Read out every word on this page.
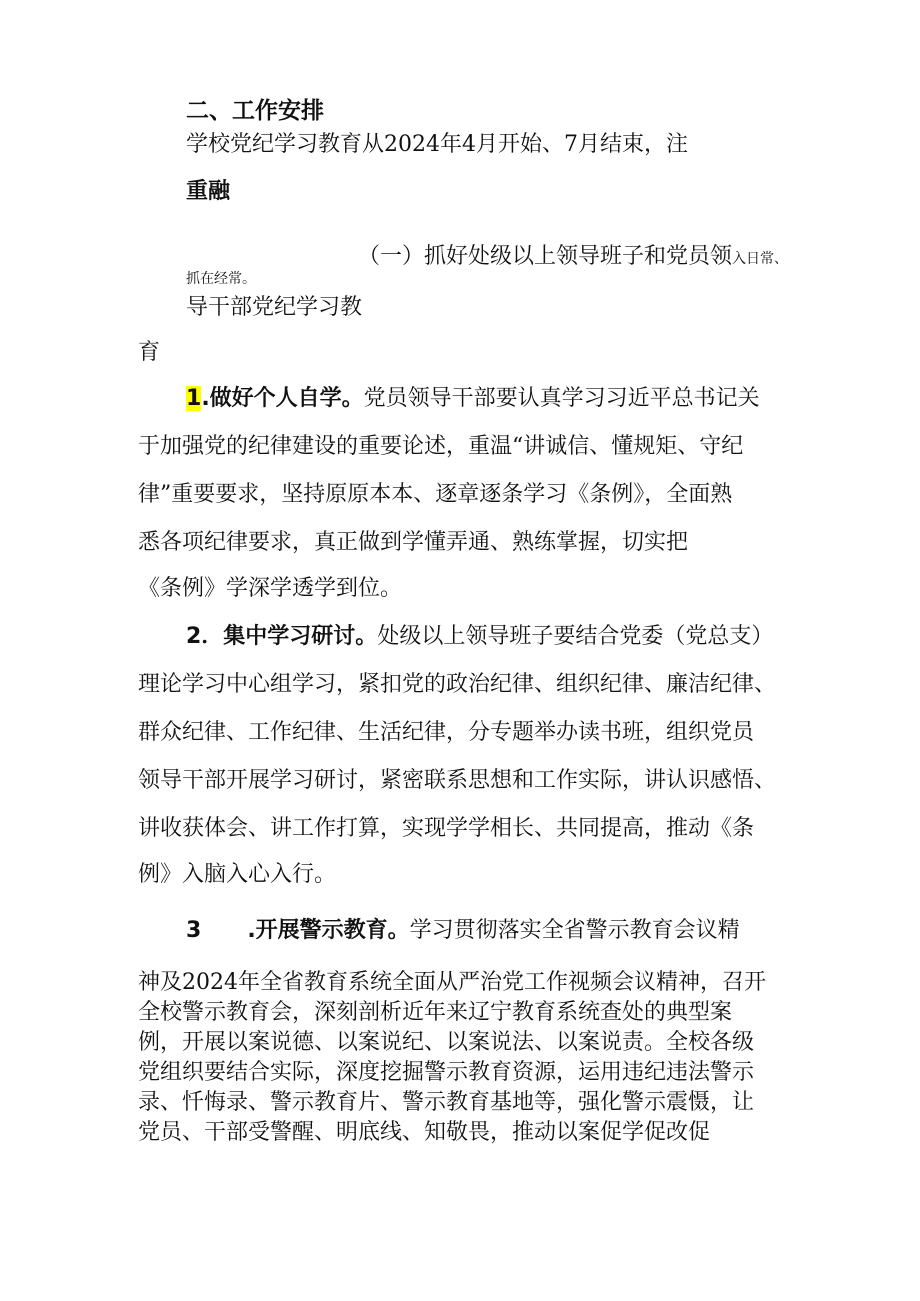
二、工作安排
学校党纪学习教育从2024年4月开始、7月结束，注
重融
（一）抓好处级以上领导班子和党员领入日常、
抓在经常。
导干部党纪学习教
育
1.做好个人自学。党员领导干部要认真学习习近平总书记关
于加强党的纪律建设的重要论述，重温“讲诚信、懂规矩、守纪
律”重要要求，坚持原原本本、逐章逐条学习《条例》，全面熟
悉各项纪律要求，真正做到学懂弄通、熟练掌握，切实把
《条例》学深学透学到位。
2．集中学习研讨。处级以上领导班子要结合党委（党总支）
理论学习中心组学习，紧扣党的政治纪律、组织纪律、廉洁纪律、
群众纪律、工作纪律、生活纪律，分专题举办读书班，组织党员
领导干部开展学习研讨，紧密联系思想和工作实际，讲认识感悟、
讲收获体会、讲工作打算，实现学学相长、共同提高，推动《条
例》入脑入心入行。
3 .开展警示教育。学习贯彻落实全省警示教育会议精
神及2024年全省教育系统全面从严治党工作视频会议精神，召开
全校警示教育会，深刻剖析近年来辽宁教育系统查处的典型案
例，开展以案说德、以案说纪、以案说法、以案说责。全校各级
党组织要结合实际，深度挖掘警示教育资源，运用违纪违法警示
录、忏悔录、警示教育片、警示教育基地等，强化警示震慑，让
党员、干部受警醒、明底线、知敬畏，推动以案促学促改促
